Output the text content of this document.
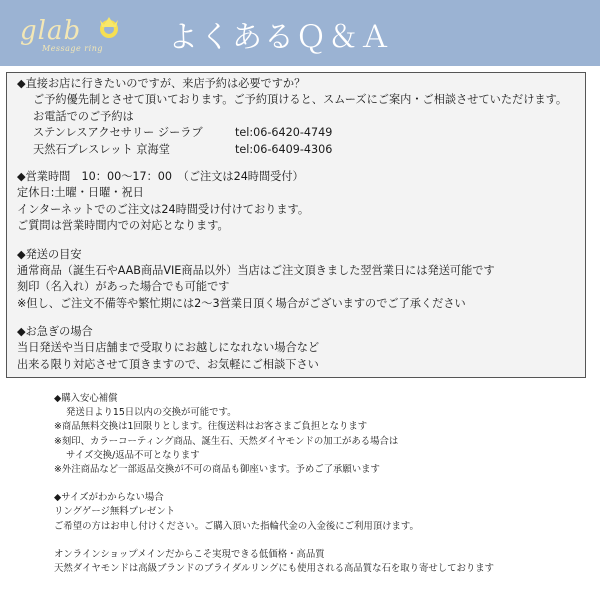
glab
Message ring よくあるＱ＆Ａ
◆直接お店に行きたいのですが、来店予約は必要ですか？
ご予約優先制とさせて頂いております。ご予約頂けると、スムーズにご案内・ご相談させていただけます。
お電話でのご予約は
ステンレスアクセサリー ジーラブ	tel:06-6420-4749
天然石ブレスレット 京海堂	tel:06-6409-4306
◆営業時間　10：00～17：00　（ご注文は24時間受付）
定休日:土曜・日曜・祝日
インターネットでのご注文は24時間受け付けております。
ご質問は営業時間内での対応となります。
◆発送の目安
通常商品（誕生石やAAB商品VIE商品以外）当店はご注文頂きました翌営業日には発送可能です
刻印（名入れ）があった場合でも可能です
※但し、ご注文不備等や繁忙期には2～3営業日頂く場合がございますのでご了承ください
◆お急ぎの場合
当日発送や当日店舗まで受取りにお越しになれない場合など
出来る限り対応させて頂きますので、お気軽にご相談下さい
◆購入安心補償
発送日より15日以内の交換が可能です。
※商品無料交換は1回限りとします。往復送料はお客さまご負担となります
※刻印、カラーコーティング商品、誕生石、天然ダイヤモンドの加工がある場合は
サイズ交換/返品不可となります
※外注商品など一部返品交換が不可の商品も御座います。予めご了承願います
◆サイズがわからない場合
リングゲージ無料プレゼント
ご希望の方はお申し付けください。ご購入頂いた指輪代金の入金後にご利用頂けます。
オンラインショップメインだからこそ実現できる低価格・高品質
天然ダイヤモンドは高級ブランドのブライダルリングにも使用される高品質な石を取り寄せしております
